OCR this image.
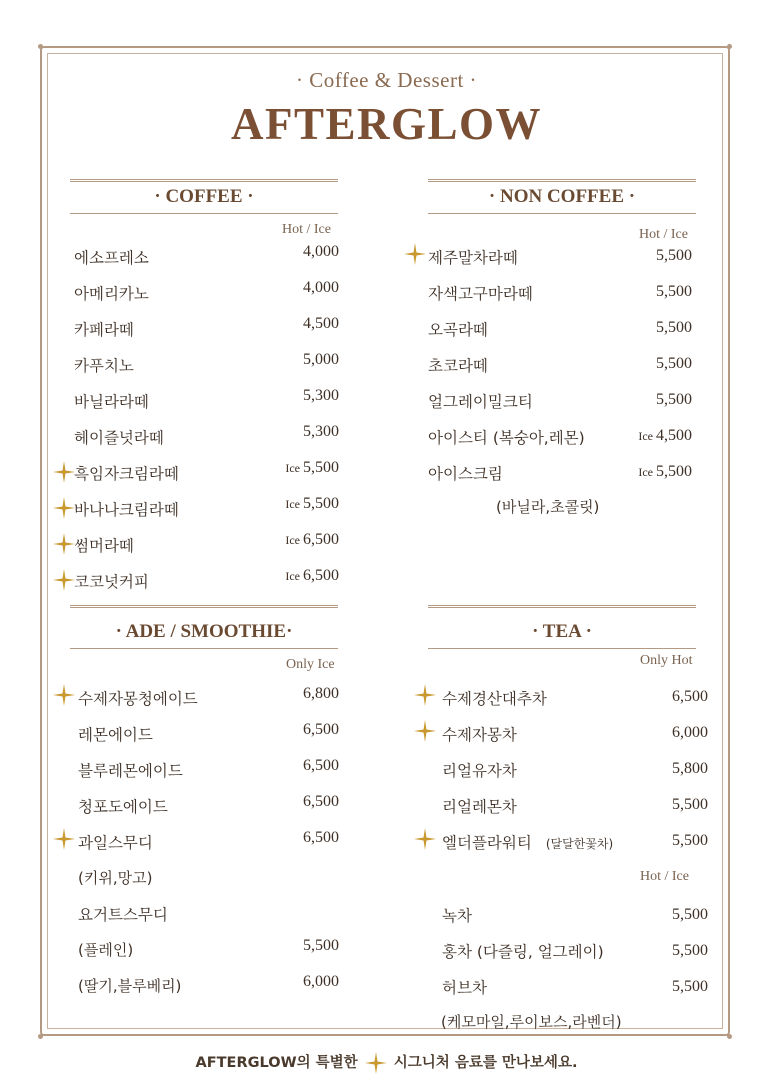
· Coffee & Dessert ·
AFTERGLOW
· COFFEE ·
Hot / Ice
· NON COFFEE ·
Hot / Ice
(바닐라,초콜릿)
· ADE / SMOOTHIE·
Only Ice
· TEA ·
Only Hot
Hot / Ice
(케모마일,루이보스,라벤더)
AFTERGLOW의 특별한 시그니처 음료를 만나보세요.
에소프레소	4,000
아메리카노	4,000
카페라떼	4,500
카푸치노	5,000
바닐라라떼	5,300
헤이즐넛라떼	5,300
흑임자크림라떼	Ice 5,500
바나나크림라떼	Ice 5,500
썸머라떼	Ice 6,500
코코넛커피	Ice 6,500
제주말차라떼	5,500
자색고구마라떼	5,500
오곡라떼	5,500
초코라떼	5,500
얼그레이밀크티	5,500
아이스티 (복숭아,레몬)	Ice 4,500
아이스크림	Ice 5,500
수제자몽청에이드	6,800
레몬에이드	6,500
블루레몬에이드	6,500
청포도에이드	6,500
과일스무디	6,500
(키위,망고)
요거트스무디
(플레인)	5,500
(딸기,블루베리)	6,000
수제경산대추차	6,500
수제자몽차	6,000
리얼유자차	5,800
리얼레몬차	5,500
엘더플라워티 (달달한꽃차)	5,500
녹차	5,500
홍차 (다즐링, 얼그레이)	5,500
허브차	5,500
